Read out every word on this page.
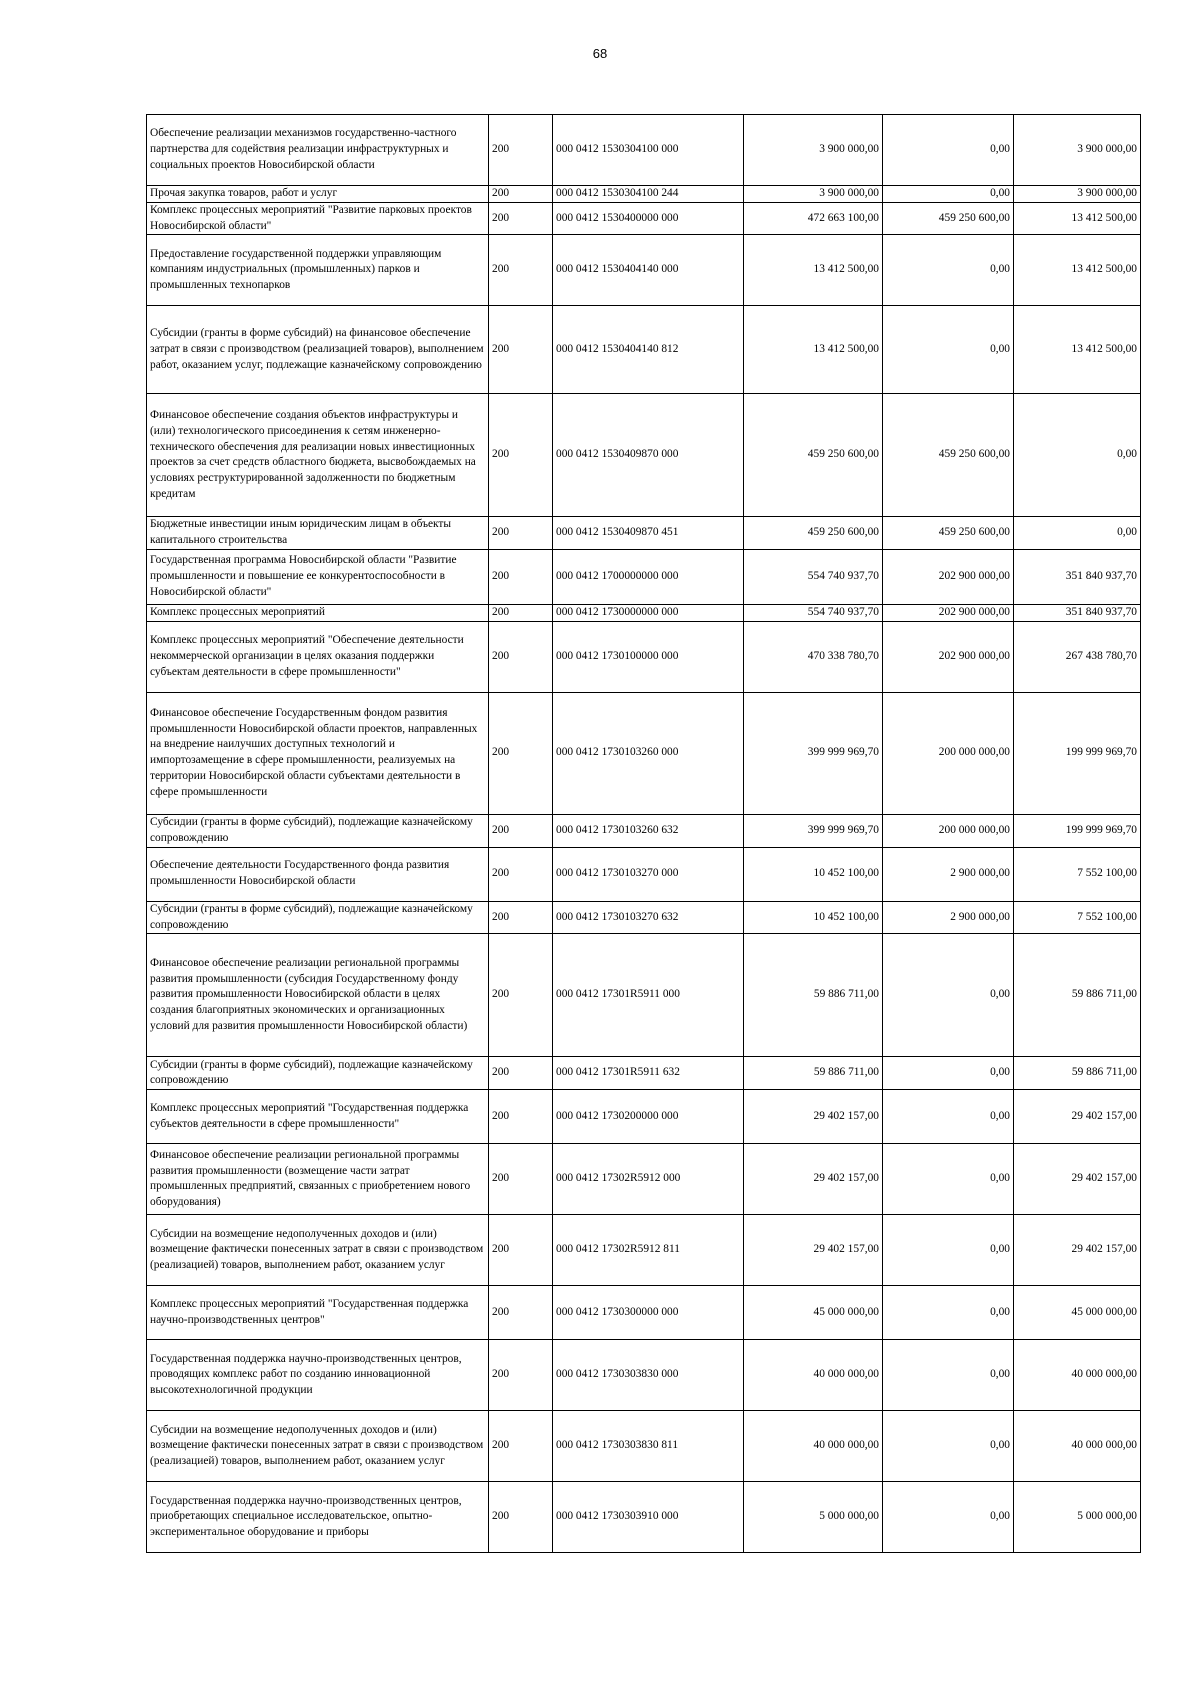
68
Обеспечение реализации механизмов государственно-частного партнерства для содействия реализации инфраструктурных и социальных проектов Новосибирской области	200	000 0412 1530304100 000	3 900 000,00	0,00	3 900 000,00
Прочая закупка товаров, работ и услуг	200	000 0412 1530304100 244	3 900 000,00	0,00	3 900 000,00
Комплекс процессных мероприятий "Развитие парковых проектов Новосибирской области"	200	000 0412 1530400000 000	472 663 100,00	459 250 600,00	13 412 500,00
Предоставление государственной поддержки управляющим компаниям индустриальных (промышленных) парков и промышленных технопарков	200	000 0412 1530404140 000	13 412 500,00	0,00	13 412 500,00
Субсидии (гранты в форме субсидий) на финансовое обеспечение затрат в связи с производством (реализацией товаров), выполнением работ, оказанием услуг, подлежащие казначейскому сопровождению	200	000 0412 1530404140 812	13 412 500,00	0,00	13 412 500,00
Финансовое обеспечение создания объектов инфраструктуры и (или) технологического присоединения к сетям инженерно-технического обеспечения для реализации новых инвестиционных проектов за счет средств областного бюджета, высвобождаемых на условиях реструктурированной задолженности по бюджетным кредитам	200	000 0412 1530409870 000	459 250 600,00	459 250 600,00	0,00
Бюджетные инвестиции иным юридическим лицам в объекты капитального строительства	200	000 0412 1530409870 451	459 250 600,00	459 250 600,00	0,00
Государственная программа Новосибирской области "Развитие промышленности и повышение ее конкурентоспособности в Новосибирской области"	200	000 0412 1700000000 000	554 740 937,70	202 900 000,00	351 840 937,70
Комплекс процессных мероприятий	200	000 0412 1730000000 000	554 740 937,70	202 900 000,00	351 840 937,70
Комплекс процессных мероприятий "Обеспечение деятельности некоммерческой организации в целях оказания поддержки субъектам деятельности в сфере промышленности"	200	000 0412 1730100000 000	470 338 780,70	202 900 000,00	267 438 780,70
Финансовое обеспечение Государственным фондом развития промышленности Новосибирской области проектов, направленных на внедрение наилучших доступных технологий и импортозамещение в сфере промышленности, реализуемых на территории Новосибирской области субъектами деятельности в сфере промышленности	200	000 0412 1730103260 000	399 999 969,70	200 000 000,00	199 999 969,70
Субсидии (гранты в форме субсидий), подлежащие казначейскому сопровождению	200	000 0412 1730103260 632	399 999 969,70	200 000 000,00	199 999 969,70
Обеспечение деятельности Государственного фонда развития промышленности Новосибирской области	200	000 0412 1730103270 000	10 452 100,00	2 900 000,00	7 552 100,00
Субсидии (гранты в форме субсидий), подлежащие казначейскому сопровождению	200	000 0412 1730103270 632	10 452 100,00	2 900 000,00	7 552 100,00
Финансовое обеспечение реализации региональной программы развития промышленности (субсидия Государственному фонду развития промышленности Новосибирской области в целях создания благоприятных экономических и организационных условий для развития промышленности Новосибирской области)	200	000 0412 17301R5911 000	59 886 711,00	0,00	59 886 711,00
Субсидии (гранты в форме субсидий), подлежащие казначейскому сопровождению	200	000 0412 17301R5911 632	59 886 711,00	0,00	59 886 711,00
Комплекс процессных мероприятий "Государственная поддержка субъектов деятельности в сфере промышленности"	200	000 0412 1730200000 000	29 402 157,00	0,00	29 402 157,00
Финансовое обеспечение реализации региональной программы развития промышленности (возмещение части затрат промышленных предприятий, связанных с приобретением нового оборудования)	200	000 0412 17302R5912 000	29 402 157,00	0,00	29 402 157,00
Субсидии на возмещение недополученных доходов и (или) возмещение фактически понесенных затрат в связи с производством (реализацией) товаров, выполнением работ, оказанием услуг	200	000 0412 17302R5912 811	29 402 157,00	0,00	29 402 157,00
Комплекс процессных мероприятий "Государственная поддержка научно-производственных центров"	200	000 0412 1730300000 000	45 000 000,00	0,00	45 000 000,00
Государственная поддержка научно-производственных центров, проводящих комплекс работ по созданию инновационной высокотехнологичной продукции	200	000 0412 1730303830 000	40 000 000,00	0,00	40 000 000,00
Субсидии на возмещение недополученных доходов и (или) возмещение фактически понесенных затрат в связи с производством (реализацией) товаров, выполнением работ, оказанием услуг	200	000 0412 1730303830 811	40 000 000,00	0,00	40 000 000,00
Государственная поддержка научно-производственных центров, приобретающих специальное исследовательское, опытно-экспериментальное оборудование и приборы	200	000 0412 1730303910 000	5 000 000,00	0,00	5 000 000,00
